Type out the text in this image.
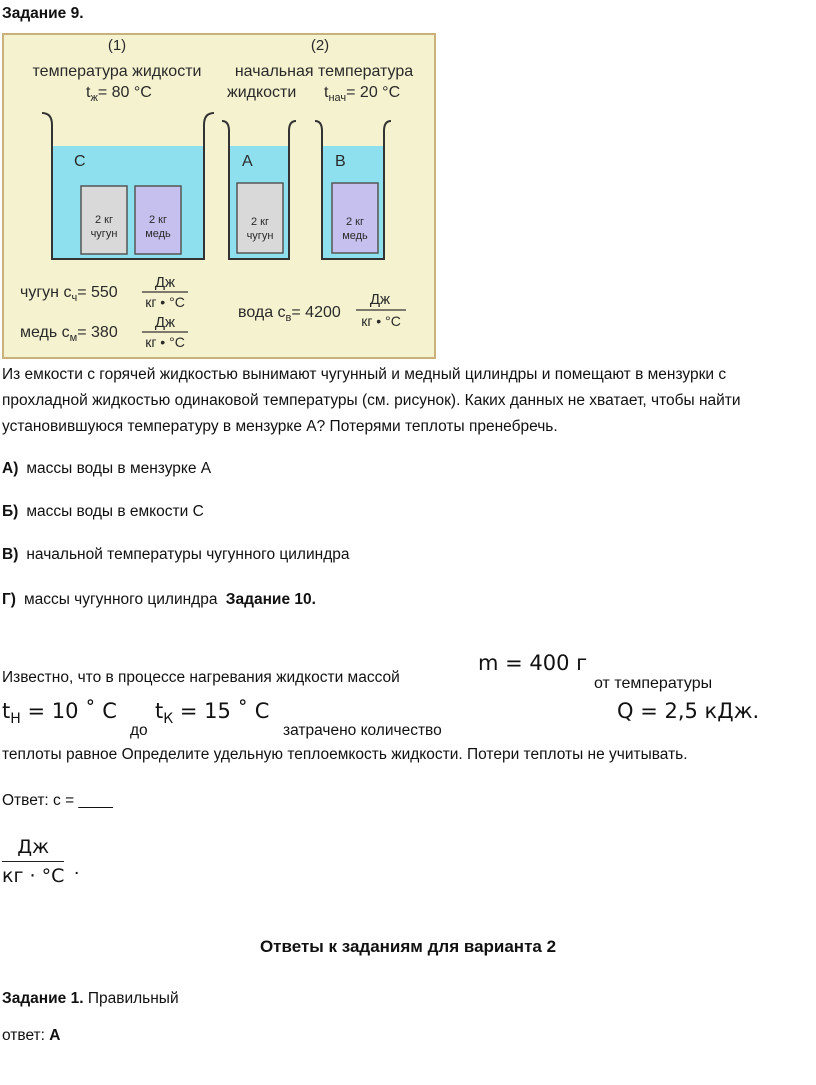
Задание 9.
(1)	(2)
температура жидкости
$t_ж= 80$ °С
начальная температура
жидкости $t_{нач}= 20$ °С
С
2 кг
чугун
2 кг
медь
А
2 кг
чугун
В
2 кг
медь
чугун $с_ч= 550$
Дж
кг • °С
медь $с_м= 380$
Дж
кг • °С
вода $с_в= 4200$
Дж
кг • °С
Из емкости с горячей жидкостью вынимают чугунный и медный цилиндры и помещают в мензурки с прохладной жидкостью одинаковой температуры (см. рисунок). Каких данных не хватает, чтобы найти установившуюся температуру в мензурке А? Потерями теплоты пренебречь.
А) массы воды в мензурке А
Б) массы воды в емкости С
В) начальной температуры чугунного цилиндра
Г) массы чугунного цилиндра Задание 10.
Известно, что в процессе нагревания жидкости массой
m = 400 г
от температуры
$t_Н = 10$ ˚ С
до
$t_К = 15$ ˚ С
затрачено количество
Q = 2,5 кДж.
теплоты равное Определите удельную теплоемкость жидкости. Потери теплоты не учитывать.
Ответ: с = ____
Дж
кг · °С .
Ответы к заданиям для варианта 2
Задание 1. Правильный
ответ: А
